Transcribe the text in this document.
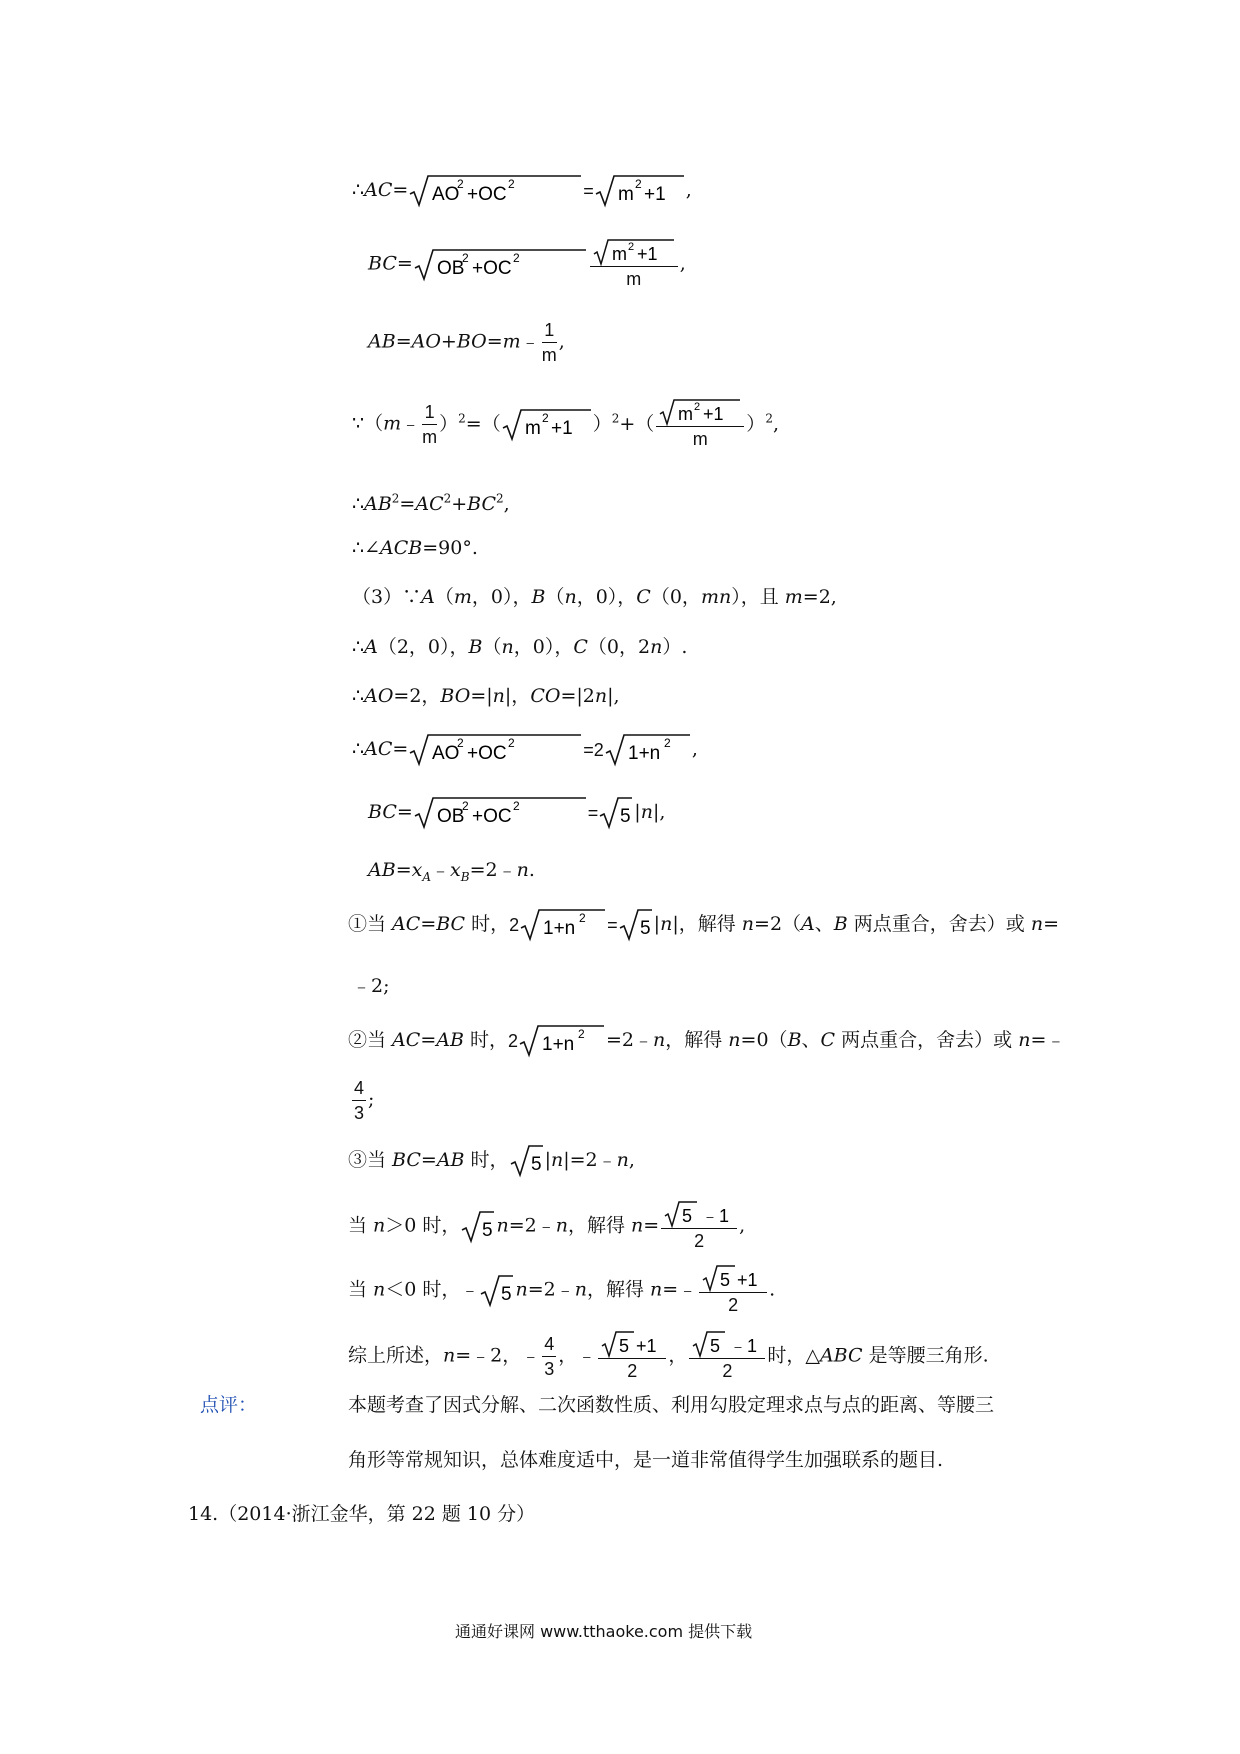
∴AC= AO
2 +OC 2	= m 2 +1 ,
BC= OB
2 +OC 2	$\frac{m 2 +1}{m}$ ,
AB=AO+BO=m﹣ $\frac{1}{m}$ ,
∵（m﹣ $\frac{1}{m} )^2=$（ m 2 +1 ）$^2+( \frac{m 2 +1}{m} )^2$,
$\therefore AB^2=AC^2+BC^2$,
∴∠ACB=90°.
（3）∵A（m，0），B（n，0），C（0，mn），且 m=2,
∴A（2，0），B（n，0），C（0，2n）.
∴AO=2，BO=|n|，CO=|2n|,
∴AC= AO
2 +OC 2	=2 1+n 2 ,
BC= OB
2 +OC 2	= 5 |n|,
$AB=x_A﹣x_B=2﹣n$.
①当 AC=BC 时，2 1+n 2 = 5 |n|，解得 n=2（A、B 两点重合，舍去）或 n=
﹣2;
②当 AC=AB 时，2 1+n 2 =2﹣n，解得 n=0（B、C 两点重合，舍去）或 n=﹣
$\frac{4}{3}$ ;
③当 BC=AB 时， 5 |n|=2﹣n,
当 n＞0 时， 5 n=2﹣n，解得 $n= \frac{5 ﹣1}{2}$ ,
当 n＜0 时，﹣ 5 n=2﹣n，解得 n=﹣ $\frac{5 +1}{2}$ .
综上所述，n=﹣2，﹣ $\frac{4}{3}$ ，﹣ $\frac{5 +1}{2}$ ， $\frac{5 ﹣1}{2}$ 时，△ABC 是等腰三角形.
点评：	本题考查了因式分解、二次函数性质、利用勾股定理求点与点的距离、等腰三
角形等常规知识，总体难度适中，是一道非常值得学生加强联系的题目.
14.（2014·浙江金华，第 22 题 10 分）
通通好课网 www.tthaoke.com 提供下载
